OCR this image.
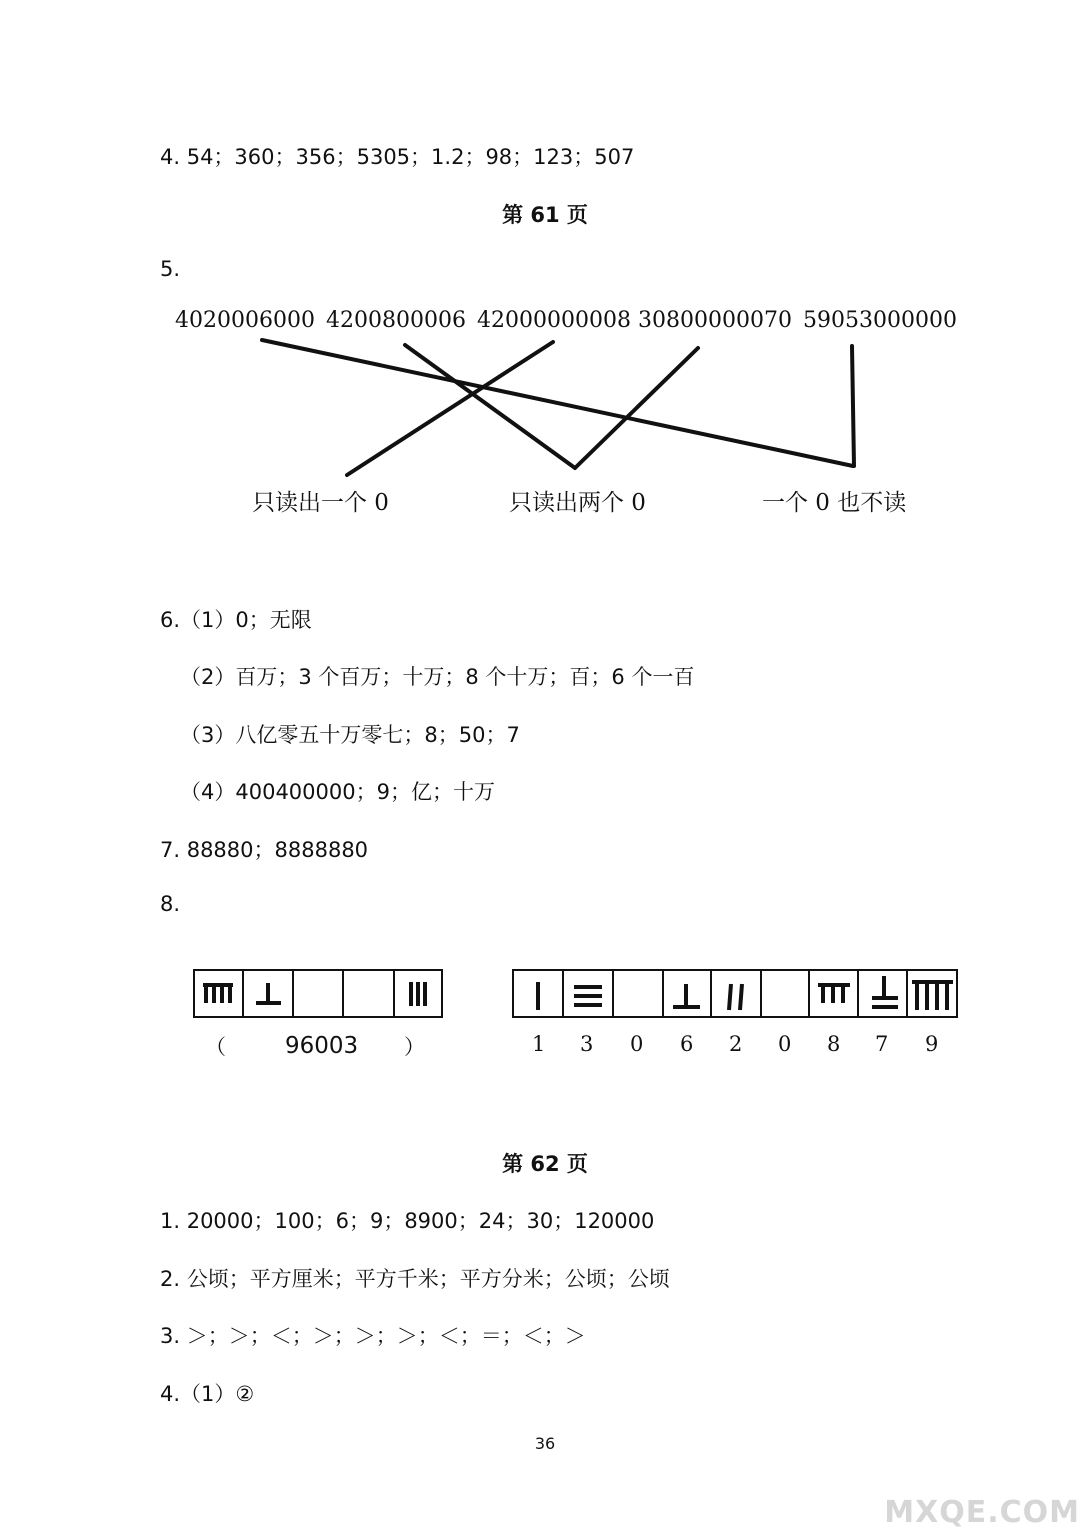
4. 54；360；356；5305；1.2；98；123；507
第 61 页
5.
4020006000 4200800006 42000000008 30800000070 59053000000
只读出一个 0	只读出两个 0	一个 0 也不读
6.（1）0；无限
（2）百万；3 个百万；十万；8 个十万；百；6 个一百
（3）八亿零五十万零七；8；50；7
（4）400400000；9；亿；十万
7. 88880；8888880
8.
（	96003 ）	1 3 0 6 2 0 8 7 9
第 62 页
1. 20000；100；6；9；8900；24；30；120000
2. 公顷；平方厘米；平方千米；平方分米；公顷；公顷
3. ＞；＞；＜；＞；＞；＞；＜；＝；＜；＞
4.（1）②
36
MXQE.COM
